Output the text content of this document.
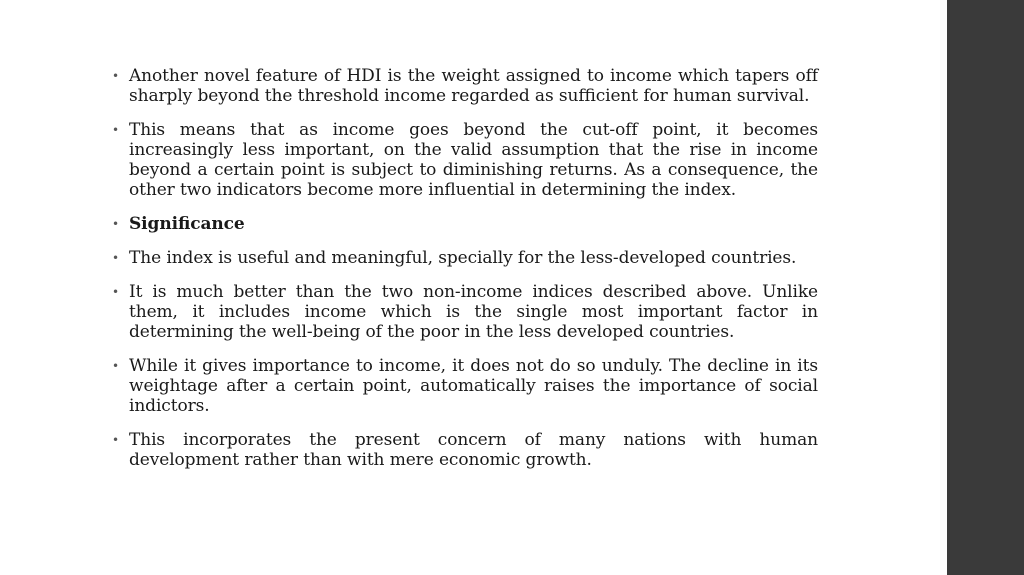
• Another novel feature of HDI is the weight assigned to income which tapers off sharply beyond the threshold income regarded as suﬃcient for human survival.
• This means that as income goes beyond the cut-off point, it becomes increasingly less important, on the valid assumption that the rise in income beyond a certain point is subject to diminishing returns. As a consequence, the other two indicators become more inﬂuential in determining the index.
• Signiﬁcance
• The index is useful and meaningful, specially for the less-developed countries.
• It is much better than the two non-income indices described above. Unlike them, it includes income which is the single most important factor in determining the well-being of the poor in the less developed countries.
• While it gives importance to income, it does not do so unduly. The decline in its weightage after a certain point, automatically raises the importance of social indictors.
• This incorporates the present concern of many nations with human development rather than with mere economic growth.
